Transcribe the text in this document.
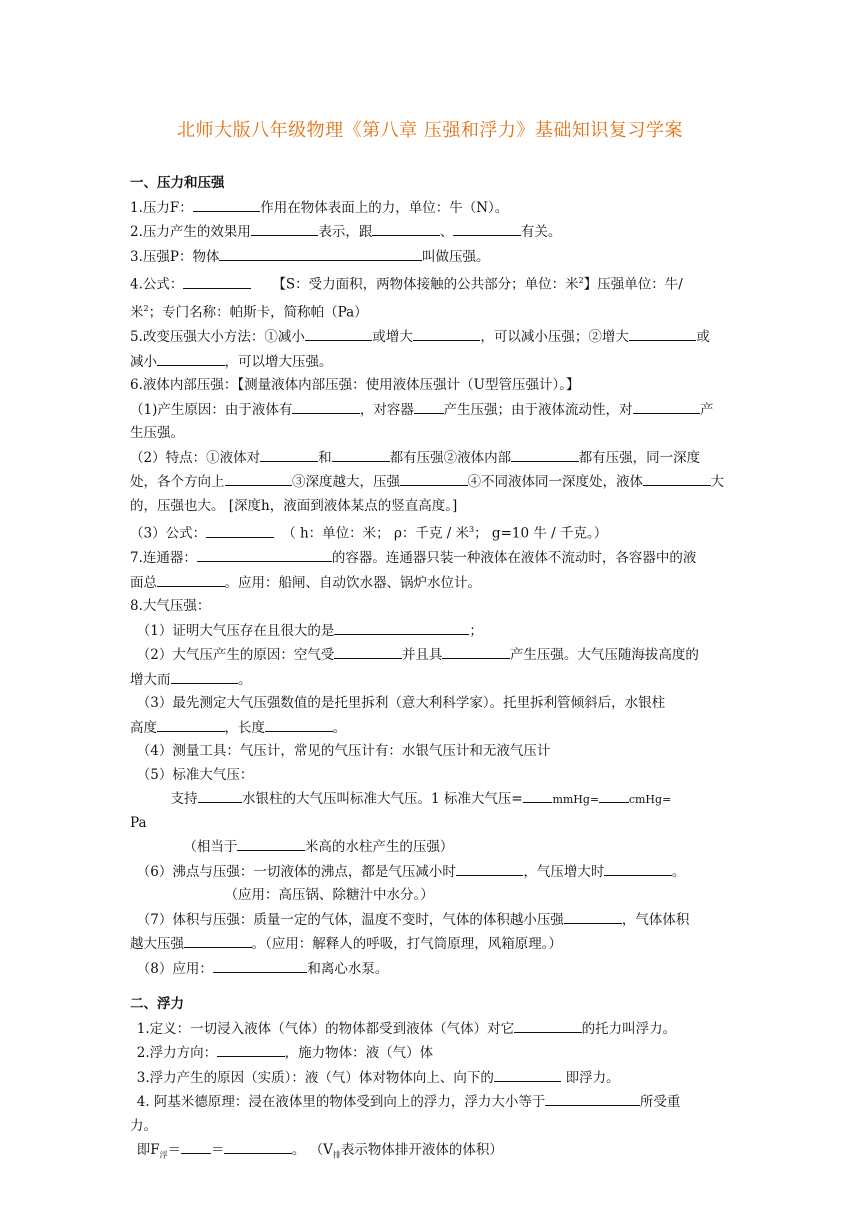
北师大版八年级物理《第八章 压强和浮力》基础知识复习学案

一、压力和压强

1.压力F：	作用在物体表面上的力，单位：牛（N）。

2.压力产生的效果用	表示，跟	、	有关。

3.压强P：物体	叫做压强。

4.公式：	【S：受力面积，两物体接触的公共部分；单位：米$^2$】压强单位：牛/

米$^2$；专门名称：帕斯卡，简称帕（Pa）

5.改变压强大小方法：①减小	或增大	，可以减小压强；②增大	或

减小	，可以增大压强。

6.液体内部压强：【测量液体内部压强：使用液体压强计（U型管压强计）。】

（1)产生原因：由于液体有	，对容器 产生压强；由于液体流动性，对	产

生压强。

（2）特点：①液体对	和	都有压强②液体内部	都有压强，同一深度

处，各个方向上	③深度越大，压强	④不同液体同一深度处，液体	大

的，压强也大。 [深度h，液面到液体某点的竖直高度。]

（3）公式：	（ h：单位：米； ρ：千克 / 米$^3$； g=10 牛 / 千克。）

7.连通器：	的容器。连通器只装一种液体在液体不流动时，各容器中的液

面总	。应用：船闸、自动饮水器、锅炉水位计。

8.大气压强：

（1）证明大气压存在且很大的是	；

（2）大气压产生的原因：空气受	并且具	产生压强。大气压随海拔高度的

增大而	。

（3）最先测定大气压强数值的是托里拆利（意大利科学家）。托里拆利管倾斜后，水银柱

高度	，长度	。

（4）测量工具：气压计，常见的气压计有：水银气压计和无液气压计

（5）标准大气压：

支持	水银柱的大气压叫标准大气压。1 标准大气压=	mmHg=	cmHg=

Pa

（相当于	米高的水柱产生的压强）

（6）沸点与压强：一切液体的沸点，都是气压减小时	，气压增大时	。

（应用：高压锅、除糖汁中水分。）

（7）体积与压强：质量一定的气体，温度不变时，气体的体积越小压强	，气体体积

越大压强	。（应用：解释人的呼吸，打气筒原理，风箱原理。）

（8）应用：	和离心水泵。

二、浮力

1.定义：一切浸入液体（气体）的物体都受到液体（气体）对它	的托力叫浮力。

2.浮力方向：	，施力物体：液（气）体

3.浮力产生的原因（实质）：液（气）体对物体向上、向下的	即浮力。

4. 阿基米德原理：浸在液体里的物体受到向上的浮力，浮力大小等于	所受重

力。

即$F_浮=$ ＝	。 （$V_排$表示物体排开液体的体积）
